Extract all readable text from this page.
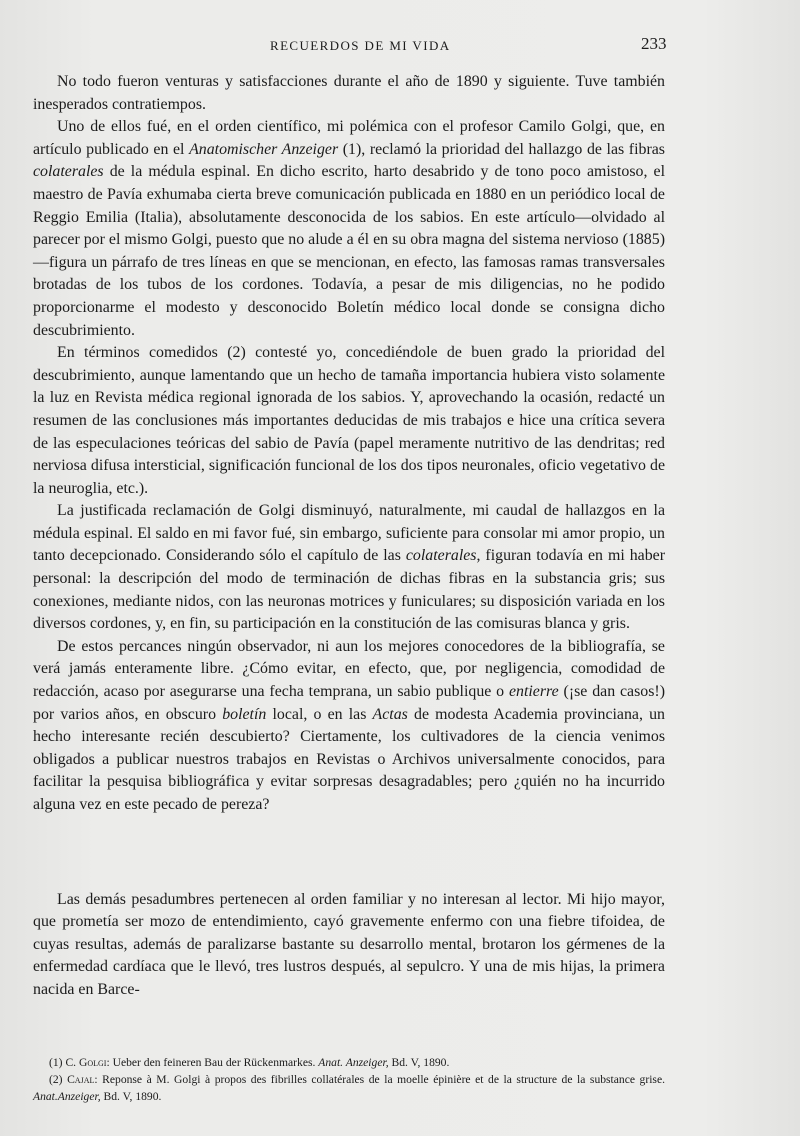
RECUERDOS DE MI VIDA	233

No todo fueron venturas y satisfacciones durante el año de 1890 y siguiente. Tuve también inesperados contratiempos.

Uno de ellos fué, en el orden científico, mi polémica con el profesor Camilo Golgi, que, en artículo publicado en el Anatomischer Anzeiger (1), reclamó la prioridad del hallazgo de las fibras colaterales de la médula espinal. En dicho escrito, harto desabrido y de tono poco amistoso, el maestro de Pavía exhumaba cierta breve comunicación publicada en 1880 en un periódico local de Reggio Emilia (Italia), absolutamente desconocida de los sabios. En este artículo—olvidado al parecer por el mismo Golgi, puesto que no alude a él en su obra magna del sistema nervioso (1885)—figura un párrafo de tres líneas en que se mencionan, en efecto, las famosas ramas transversales brotadas de los tubos de los cordones. Todavía, a pesar de mis diligencias, no he podido proporcionarme el modesto y desconocido Boletín médico local donde se consigna dicho descubrimiento.

En términos comedidos (2) contesté yo, concediéndole de buen grado la prioridad del descubrimiento, aunque lamentando que un hecho de tamaña importancia hubiera visto solamente la luz en Revista médica regional ignorada de los sabios. Y, aprovechando la ocasión, redacté un resumen de las conclusiones más importantes deducidas de mis trabajos e hice una crítica severa de las especulaciones teóricas del sabio de Pavía (papel meramente nutritivo de las dendritas; red nerviosa difusa intersticial, significación funcional de los dos tipos neuronales, oficio vegetativo de la neuroglia, etc.).

La justificada reclamación de Golgi disminuyó, naturalmente, mi caudal de hallazgos en la médula espinal. El saldo en mi favor fué, sin embargo, suficiente para consolar mi amor propio, un tanto decepcionado. Considerando sólo el capítulo de las colaterales, figuran todavía en mi haber personal: la descripción del modo de terminación de dichas fibras en la substancia gris; sus conexiones, mediante nidos, con las neuronas motrices y funiculares; su disposición variada en los diversos cordones, y, en fin, su participación en la constitución de las comisuras blanca y gris.

De estos percances ningún observador, ni aun los mejores conocedores de la bibliografía, se verá jamás enteramente libre. ¿Cómo evitar, en efecto, que, por negligencia, comodidad de redacción, acaso por asegurarse una fecha temprana, un sabio publique o entierre (¡se dan casos!) por varios años, en obscuro boletín local, o en las Actas de modesta Academia provinciana, un hecho interesante recién descubierto? Ciertamente, los cultivadores de la ciencia venimos obligados a publicar nuestros trabajos en Revistas o Archivos universalmente conocidos, para facilitar la pesquisa bibliográfica y evitar sorpresas desagradables; pero ¿quién no ha incurrido alguna vez en este pecado de pereza?

Las demás pesadumbres pertenecen al orden familiar y no interesan al lector. Mi hijo mayor, que prometía ser mozo de entendimiento, cayó gravemente enfermo con una fiebre tifoidea, de cuyas resultas, además de paralizarse bastante su desarrollo mental, brotaron los gérmenes de la enfermedad cardíaca que le llevó, tres lustros después, al sepulcro. Y una de mis hijas, la primera nacida en Barce-

(1) C. Golgi: Ueber den feineren Bau der Rückenmarkes. Anat. Anzeiger, Bd. V, 1890.

(2) Cajal: Reponse à M. Golgi à propos des fibrilles collatérales de la moelle épinière et de la structure de la substance grise. Anat.Anzeiger, Bd. V, 1890.
